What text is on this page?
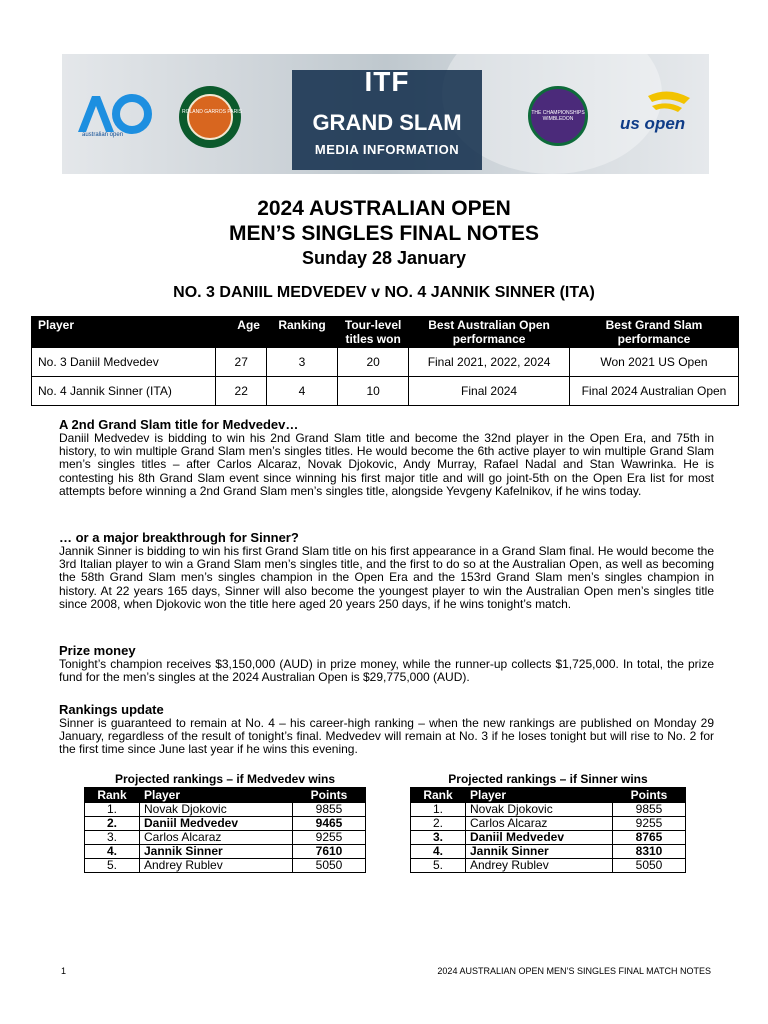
australian open
ROLAND GARROS PARIS
ITF
GRAND SLAM
MEDIA INFORMATION
THE CHAMPIONSHIPS WIMBLEDON	us open
2024 AUSTRALIAN OPEN
MEN’S SINGLES FINAL NOTES
Sunday 28 January
NO. 3 DANIIL MEDVEDEV v NO. 4 JANNIK SINNER (ITA)
Player	Age	Ranking	Tour-level titles won	Best Australian Open performance	Best Grand Slam performance
No. 3 Daniil Medvedev	27	3	20	Final 2021, 2022, 2024	Won 2021 US Open
No. 4 Jannik Sinner (ITA)	22	4	10	Final 2024	Final 2024 Australian Open
A 2nd Grand Slam title for Medvedev…
Daniil Medvedev is bidding to win his 2nd Grand Slam title and become the 32nd player in the Open Era, and 75th in history, to win multiple Grand Slam men’s singles titles. He would become the 6th active player to win multiple Grand Slam men’s singles titles – after Carlos Alcaraz, Novak Djokovic, Andy Murray, Rafael Nadal and Stan Wawrinka. He is contesting his 8th Grand Slam event since winning his first major title and will go joint-5th on the Open Era list for most attempts before winning a 2nd Grand Slam men’s singles title, alongside Yevgeny Kafelnikov, if he wins today.
… or a major breakthrough for Sinner?
Jannik Sinner is bidding to win his first Grand Slam title on his first appearance in a Grand Slam final. He would become the 3rd Italian player to win a Grand Slam men’s singles title, and the first to do so at the Australian Open, as well as becoming the 58th Grand Slam men’s singles champion in the Open Era and the 153rd Grand Slam men’s singles champion in history. At 22 years 165 days, Sinner will also become the youngest player to win the Australian Open men’s singles title since 2008, when Djokovic won the title here aged 20 years 250 days, if he wins tonight’s match.
Prize money
Tonight’s champion receives $3,150,000 (AUD) in prize money, while the runner-up collects $1,725,000. In total, the prize fund for the men’s singles at the 2024 Australian Open is $29,775,000 (AUD).
Rankings update
Sinner is guaranteed to remain at No. 4 – his career-high ranking – when the new rankings are published on Monday 29 January, regardless of the result of tonight’s final. Medvedev will remain at No. 3 if he loses tonight but will rise to No. 2 for the first time since June last year if he wins this evening.
Projected rankings – if Medvedev wins
Rank	Player	Points
1.	Novak Djokovic	9855
2.	Daniil Medvedev	9465
3.	Carlos Alcaraz	9255
4.	Jannik Sinner	7610
5.	Andrey Rublev	5050
Projected rankings – if Sinner wins
Rank	Player	Points
1.	Novak Djokovic	9855
2.	Carlos Alcaraz	9255
3.	Daniil Medvedev	8765
4.	Jannik Sinner	8310
5.	Andrey Rublev	5050
1	2024 AUSTRALIAN OPEN MEN’S SINGLES FINAL MATCH NOTES
